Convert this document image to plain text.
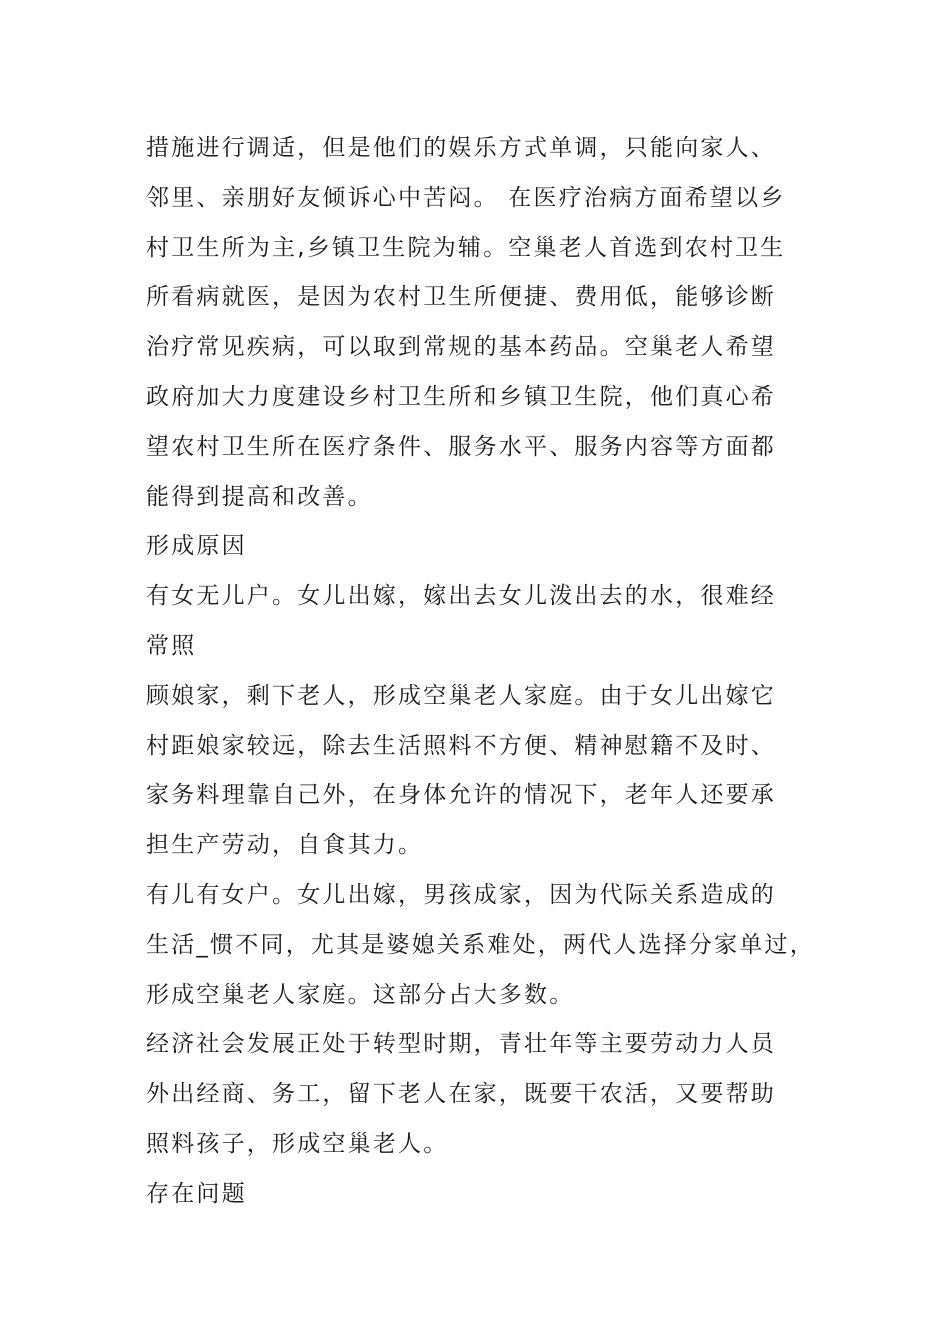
措施进行调适，但是他们的娱乐方式单调，只能向家人、
邻里、亲朋好友倾诉心中苦闷。 在医疗治病方面希望以乡
村卫生所为主,乡镇卫生院为辅。空巢老人首选到农村卫生
所看病就医，是因为农村卫生所便捷、费用低，能够诊断
治疗常见疾病，可以取到常规的基本药品。空巢老人希望
政府加大力度建设乡村卫生所和乡镇卫生院，他们真心希
望农村卫生所在医疗条件、服务水平、服务内容等方面都
能得到提高和改善。
形成原因
有女无儿户。女儿出嫁，嫁出去女儿泼出去的水，很难经
常照
顾娘家，剩下老人，形成空巢老人家庭。由于女儿出嫁它
村距娘家较远，除去生活照料不方便、精神慰籍不及时、
家务料理靠自己外，在身体允许的情况下，老年人还要承
担生产劳动，自食其力。
有儿有女户。女儿出嫁，男孩成家，因为代际关系造成的
生活_惯不同，尤其是婆媳关系难处，两代人选择分家单过，
形成空巢老人家庭。这部分占大多数。
经济社会发展正处于转型时期，青壮年等主要劳动力人员
外出经商、务工，留下老人在家，既要干农活，又要帮助
照料孩子，形成空巢老人。
存在问题
